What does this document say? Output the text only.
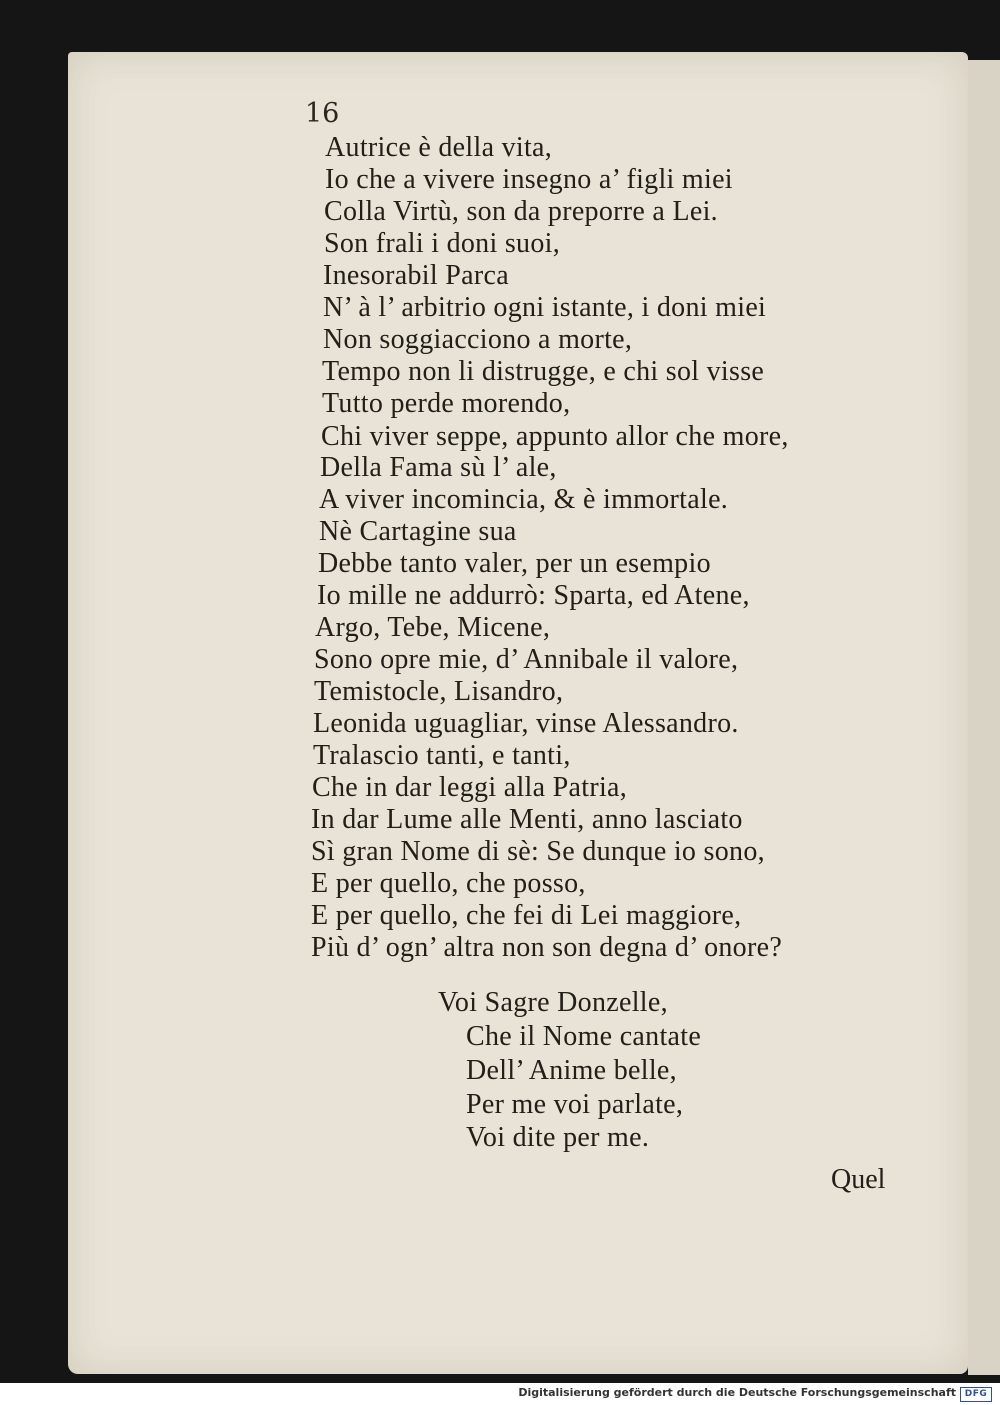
16
Autrice è della vita,
Io che a vivere insegno a’ figli miei
Colla Virtù, son da preporre a Lei.
Son frali i doni suoi,
Inesorabil Parca
N’ à l’ arbitrio ogni istante, i doni miei
Non soggiacciono a morte,
Tempo non li distrugge, e chi sol visse
Tutto perde morendo,
Chi viver seppe, appunto allor che more,
Della Fama sù l’ ale,
A viver incomincia, & è immortale.
Nè Cartagine sua
Debbe tanto valer, per un esempio
Io mille ne addurrò: Sparta, ed Atene,
Argo, Tebe, Micene,
Sono opre mie, d’ Annibale il valore,
Temistocle, Lisandro,
Leonida uguagliar, vinse Alessandro.
Tralascio tanti, e tanti,
Che in dar leggi alla Patria,
In dar Lume alle Menti, anno lasciato
Sì gran Nome di sè: Se dunque io sono,
E per quello, che posso,
E per quello, che fei di Lei maggiore,
Più d’ ogn’ altra non son degna d’ onore?
Voi Sagre Donzelle,
Che il Nome cantate
Dell’ Anime belle,
Per me voi parlate,
Voi dite per me.
Quel
Digitalisierung gefördert durch die Deutsche Forschungsgemeinschaft DFG
